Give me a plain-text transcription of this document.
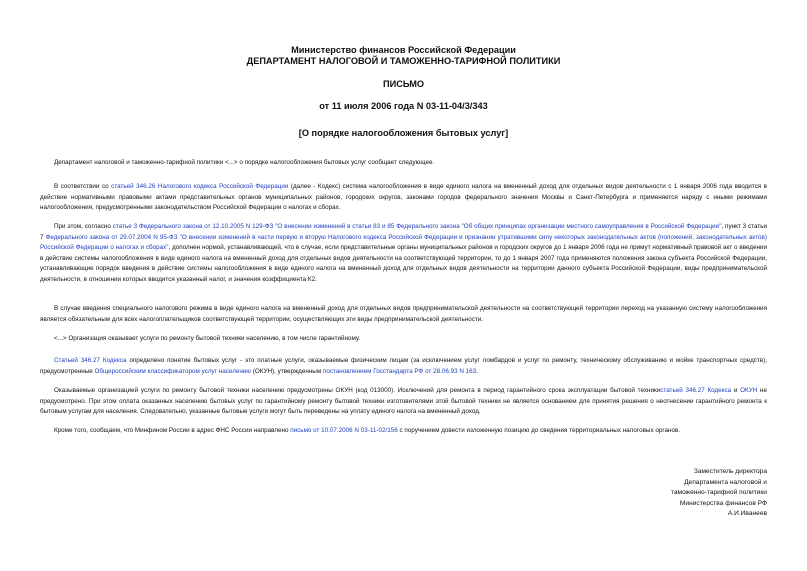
Министерство финансов Российской Федерации
ДЕПАРТАМЕНТ НАЛОГОВОЙ И ТАМОЖЕННО-ТАРИФНОЙ ПОЛИТИКИ
ПИСЬМО
от 11 июля 2006 года N 03-11-04/3/343
[О порядке налогообложения бытовых услуг]

Департамент налоговой и таможенно-тарифной политики <...> о порядке налогообложения бытовых услуг сообщает следующее.

В соответствии со статьей 346.26 Налогового кодекса Российской Федерации (далее - Кодекс) система налогообложения в виде единого налога на вмененный доход для отдельных видов деятельности с 1 января 2006 года вводится в действие нормативными правовыми актами представительных органов муниципальных районов, городских округов, законами городов федерального значения Москвы и Санкт-Петербурга и применяется наряду с иными режимами налогообложения, предусмотренными законодательством Российской Федерации о налогах и сборах.

При этом, согласно статье 3 Федерального закона от 12.10.2005 N 129-ФЗ "О внесении изменений в статьи 83 и 85 Федерального закона "Об общих принципах организации местного самоуправления в Российской Федерации", пункт 3 статьи 7 Федерального закона от 29.07.2004 N 95-ФЗ "О внесении изменений в части первую и вторую Налогового кодекса Российской Федерации и признании утратившими силу некоторых законодательных актов (положений, законодательных актов) Российской Федерации о налогах и сборах", дополнен нормой, устанавливающей, что в случае, если представительные органы муниципальных районов и городских округов до 1 января 2006 года не примут нормативный правовой акт о введении в действие системы налогообложения в виде единого налога на вмененный доход для отдельных видов деятельности на соответствующей территории, то до 1 января 2007 года применяются положения закона субъекта Российской Федерации, устанавливающие порядок введения в действие системы налогообложения в виде единого налога на вмененный доход для отдельных видов деятельности на территории данного субъекта Российской Федерации, виды предпринимательской деятельности, в отношении которых вводится указанный налог, и значения коэффициента К2.

В случае введения специального налогового режима в виде единого налога на вмененный доход для отдельных видов предпринимательской деятельности на соответствующей территории переход на указанную систему налогообложения является обязательным для всех налогоплательщиков соответствующей территории, осуществляющих эти виды предпринимательской деятельности.

<...> Организация оказывает услуги по ремонту бытовой техники населению, в том числе гарантийному.

Статьей 346.27 Кодекса определено понятие бытовых услуг - это платные услуги, оказываемые физическим лицам (за исключением услуг ломбардов и услуг по ремонту, техническому обслуживанию и мойке транспортных средств), предусмотренные Общероссийским классификатором услуг населению (ОКУН), утвержденным постановлением Госстандарта РФ от 28.06.93 N 163.

Оказываемые организацией услуги по ремонту бытовой техники населению предусмотрены ОКУН (код 013000). Исключений для ремонта в период гарантийного срока эксплуатации бытовой техникистатьей 346.27 Кодекса и ОКУН не предусмотрено. При этом оплата оказанных населению бытовых услуг по гарантийному ремонту бытовой техники изготовителями этой бытовой техники не является основанием для принятия решения о неотнесении гарантийного ремонта к бытовым услугам для населения. Следовательно, указанные бытовые услуги могут быть переведены на уплату единого налога на вмененный доход.

Кроме того, сообщаем, что Минфином России в адрес ФНС России направлено письмо от 10.07.2006 N 03-11-02/156 с поручением довести изложенную позицию до сведения территориальных налоговых органов.

Заместитель директора
Департамента налоговой и
таможенно-тарифной политики
Министерства финансов РФ
А.И.Иванеев
